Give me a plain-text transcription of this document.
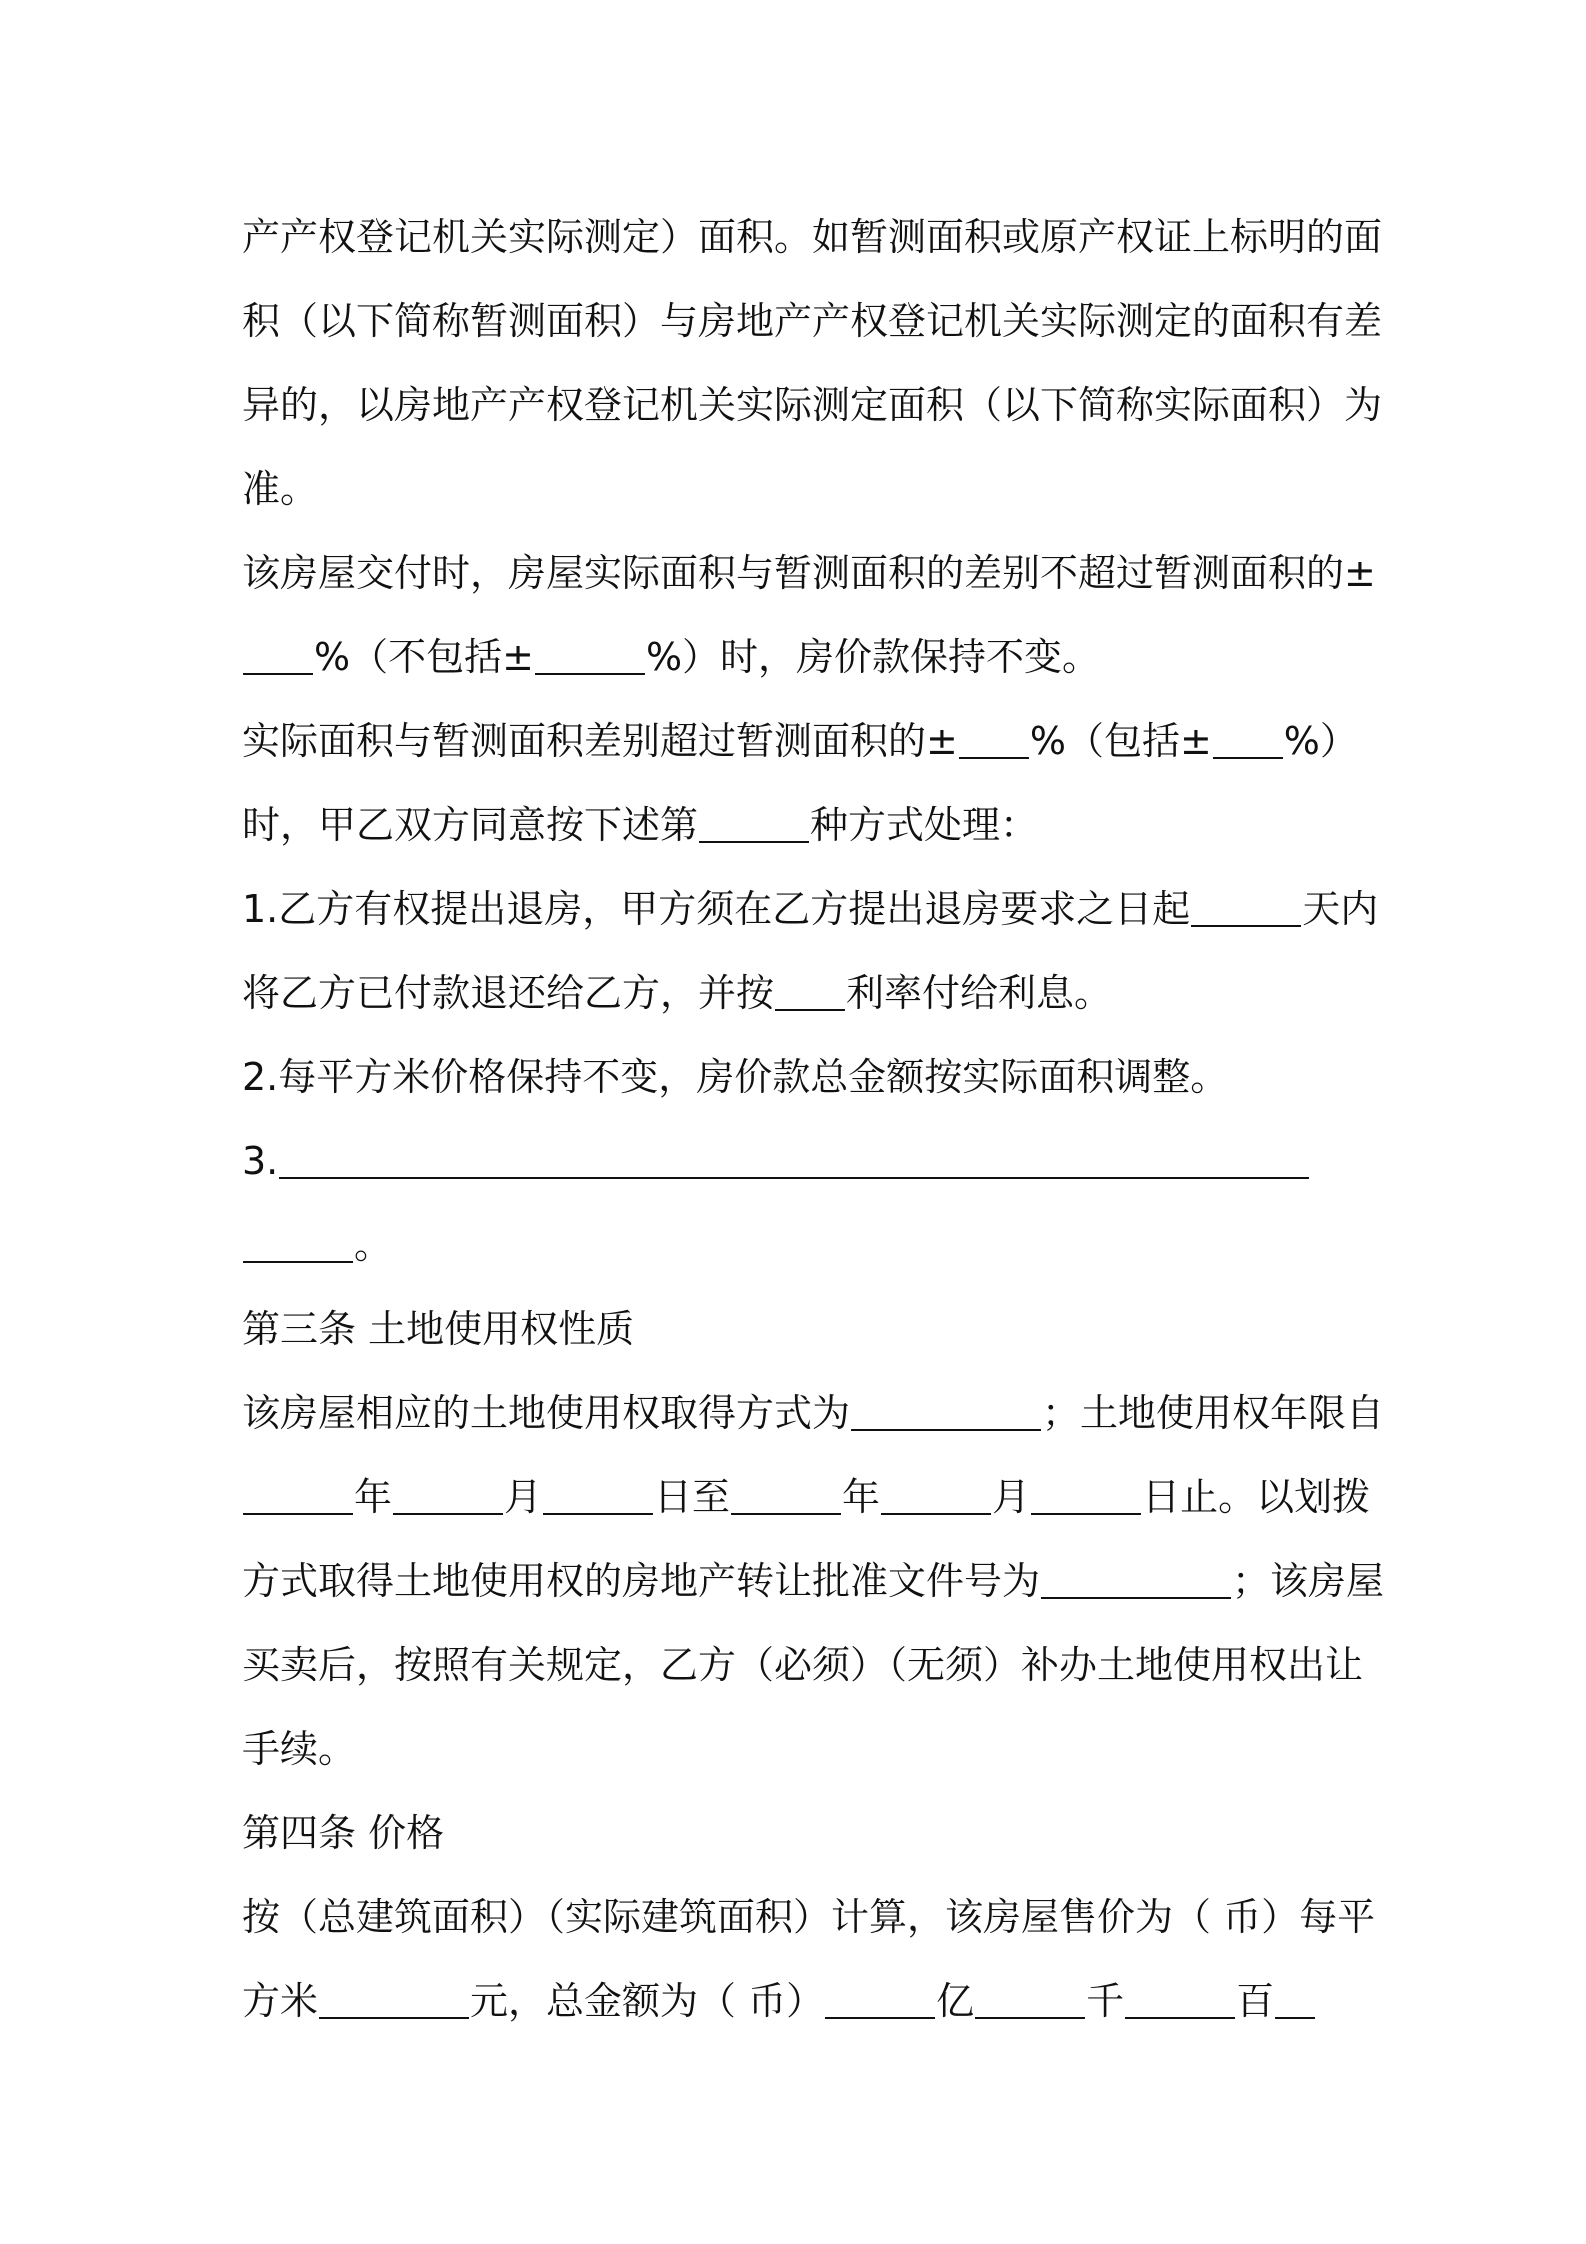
产产权登记机关实际测定）面积。如暂测面积或原产权证上标明的面
积（以下简称暂测面积）与房地产产权登记机关实际测定的面积有差
异的，以房地产产权登记机关实际测定面积（以下简称实际面积）为
准。
该房屋交付时，房屋实际面积与暂测面积的差别不超过暂测面积的±
%（不包括±	%）时，房价款保持不变。
实际面积与暂测面积差别超过暂测面积的± %（包括± %）
时，甲乙双方同意按下述第	种方式处理：
1.乙方有权提出退房，甲方须在乙方提出退房要求之日起	天内
将乙方已付款退还给乙方，并按 利率付给利息。
2.每平方米价格保持不变，房价款总金额按实际面积调整。
3.
。
第三条 土地使用权性质
该房屋相应的土地使用权取得方式为	；土地使用权年限自
年	月	日至	年	月	日止。以划拨
方式取得土地使用权的房地产转让批准文件号为	；该房屋
买卖后，按照有关规定，乙方（必须）（无须）补办土地使用权出让
手续。
第四条 价格
按（总建筑面积）（实际建筑面积）计算，该房屋售价为（ 币）每平
方米	元，总金额为（ 币）	亿	千	百
